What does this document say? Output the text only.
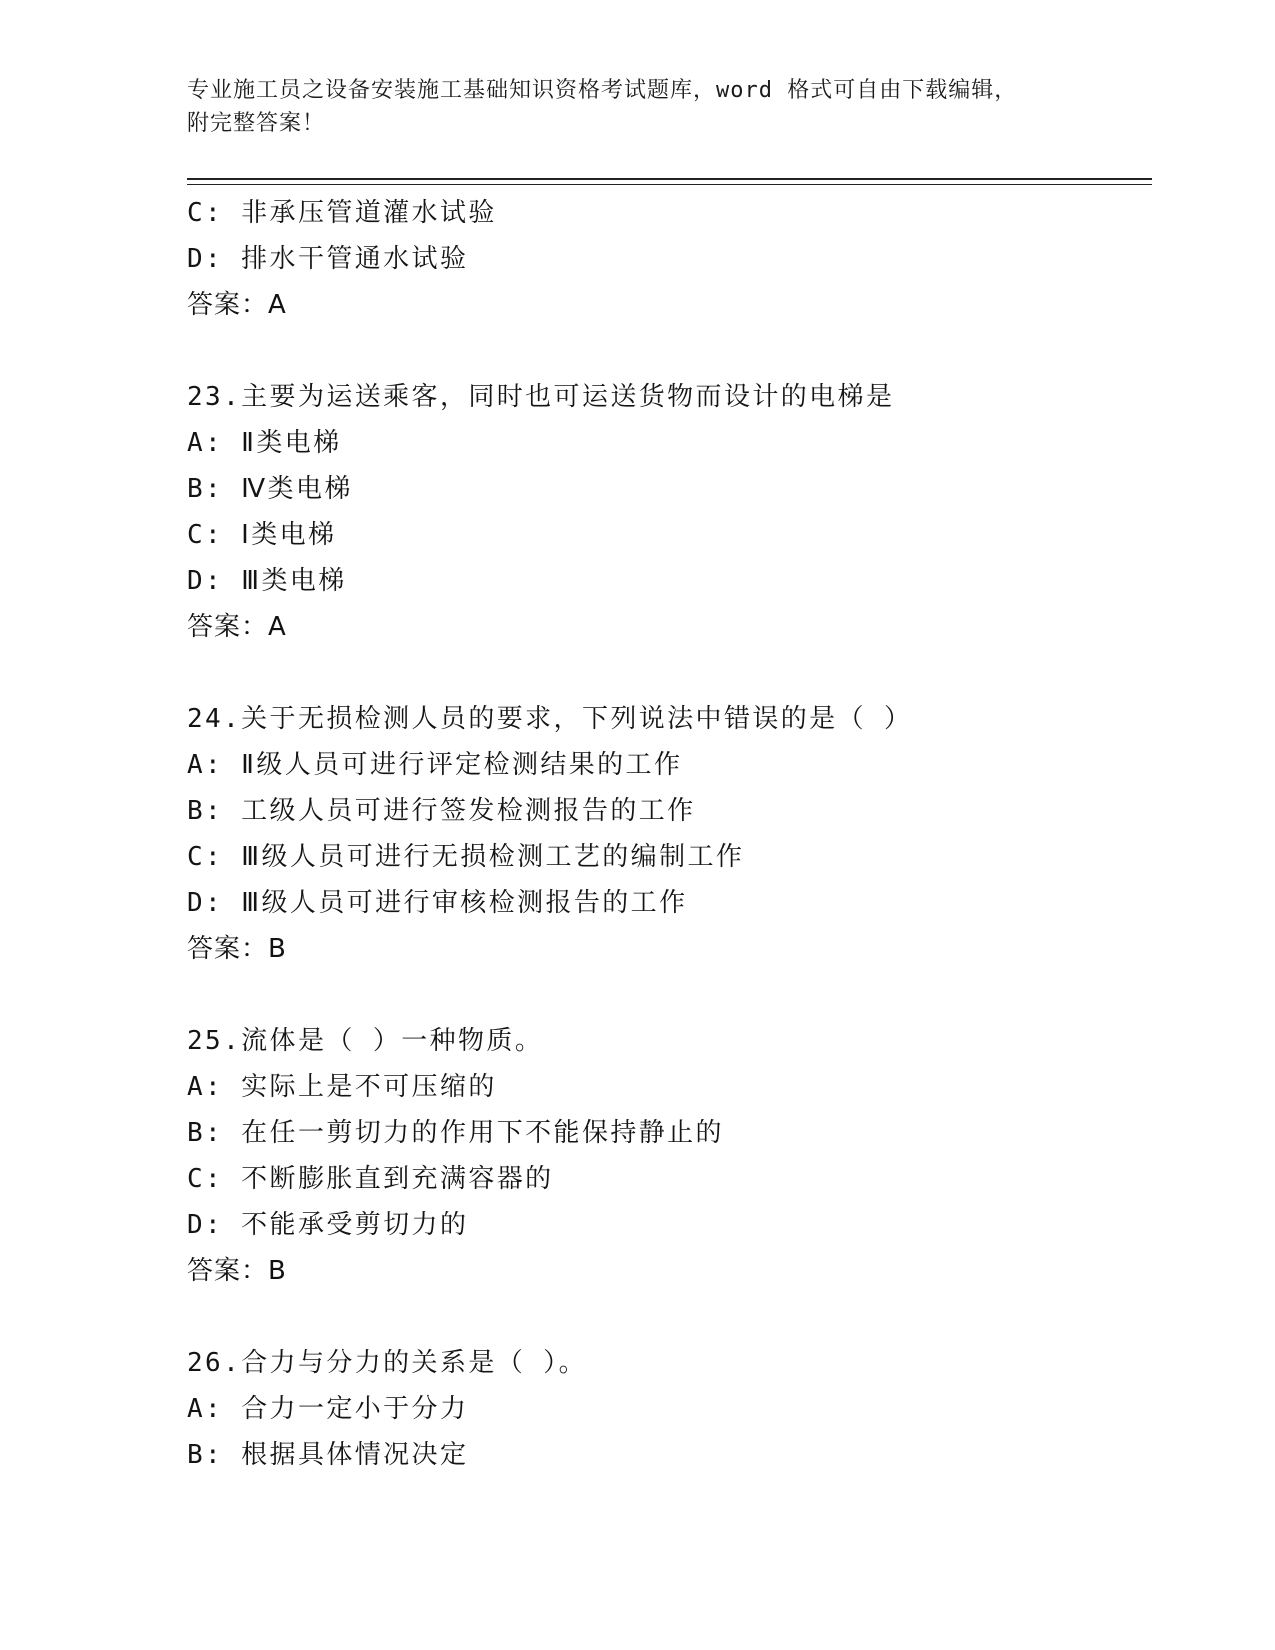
专业施工员之设备安装施工基础知识资格考试题库，word 格式可自由下载编辑，
附完整答案！
C: 非承压管道灌水试验
D: 排水干管通水试验
答案：A
23.主要为运送乘客，同时也可运送货物而设计的电梯是
A: Ⅱ类电梯
B: Ⅳ类电梯
C: Ⅰ类电梯
D: Ⅲ类电梯
答案：A
24.关于无损检测人员的要求，下列说法中错误的是（ ）
A: Ⅱ级人员可进行评定检测结果的工作
B: 工级人员可进行签发检测报告的工作
C: Ⅲ级人员可进行无损检测工艺的编制工作
D: Ⅲ级人员可进行审核检测报告的工作
答案：B
25.流体是（ ）一种物质。
A: 实际上是不可压缩的
B: 在任一剪切力的作用下不能保持静止的
C: 不断膨胀直到充满容器的
D: 不能承受剪切力的
答案：B
26.合力与分力的关系是（ ）。
A: 合力一定小于分力
B: 根据具体情况决定
